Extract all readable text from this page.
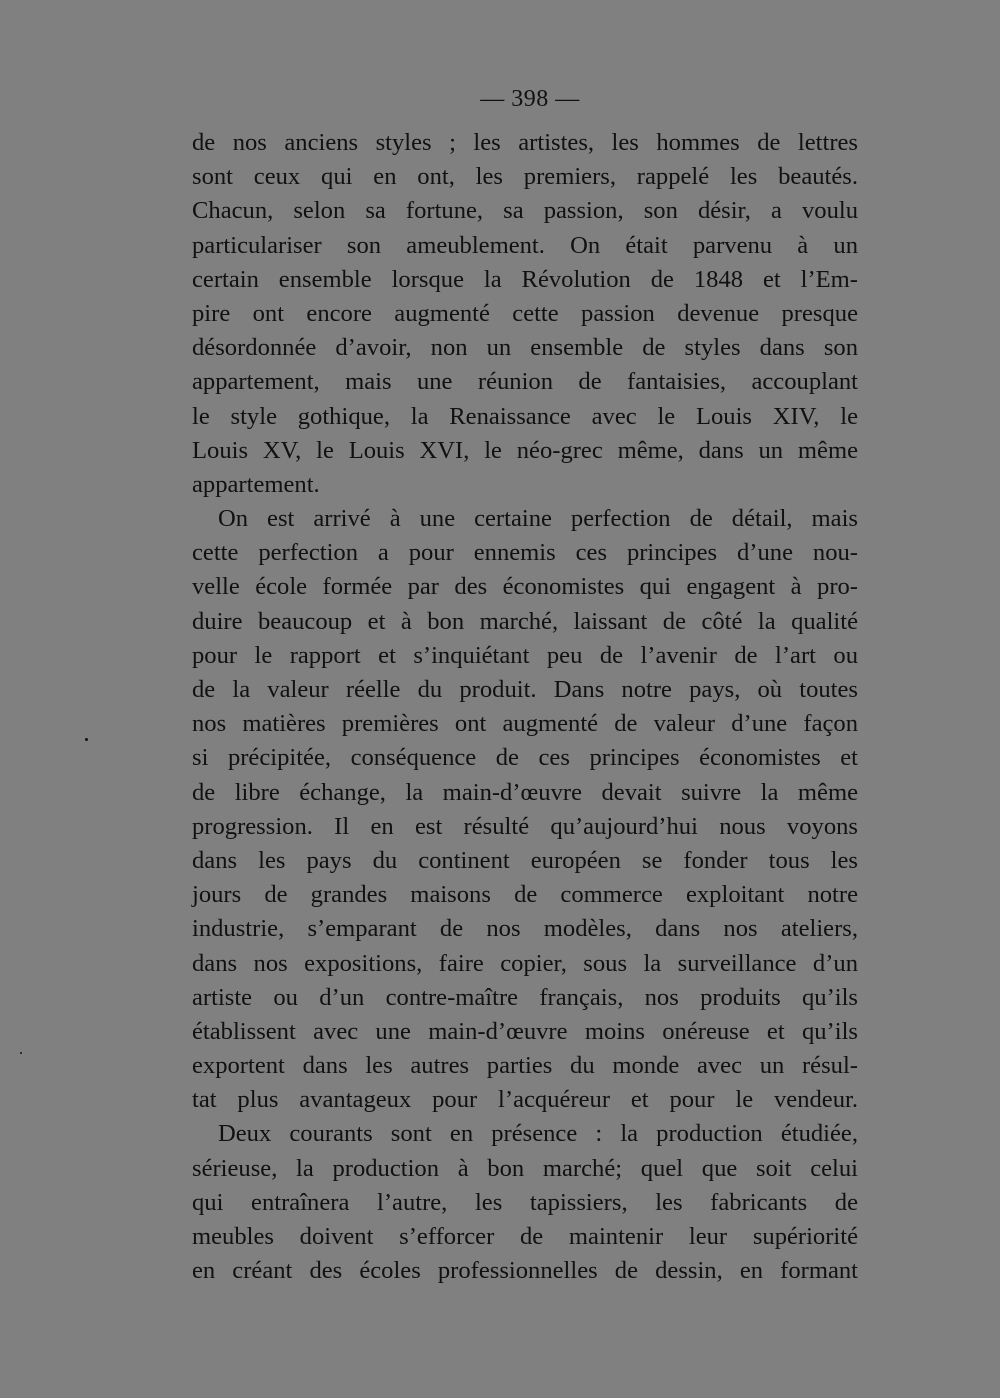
— 398 —
de nos anciens styles ; les artistes, les hommes de lettres
sont ceux qui en ont, les premiers, rappelé les beautés.
Chacun, selon sa fortune, sa passion, son désir, a voulu
particulariser son ameublement. On était parvenu à un
certain ensemble lorsque la Révolution de 1848 et l’Em-
pire ont encore augmenté cette passion devenue presque
désordonnée d’avoir, non un ensemble de styles dans son
appartement, mais une réunion de fantaisies, accouplant
le style gothique, la Renaissance avec le Louis XIV, le
Louis XV, le Louis XVI, le néo-grec même, dans un même
appartement.
On est arrivé à une certaine perfection de détail, mais
cette perfection a pour ennemis ces principes d’une nou-
velle école formée par des économistes qui engagent à pro-
duire beaucoup et à bon marché, laissant de côté la qualité
pour le rapport et s’inquiétant peu de l’avenir de l’art ou
de la valeur réelle du produit. Dans notre pays, où toutes
nos matières premières ont augmenté de valeur d’une façon
si précipitée, conséquence de ces principes économistes et
de libre échange, la main-d’œuvre devait suivre la même
progression. Il en est résulté qu’aujourd’hui nous voyons
dans les pays du continent européen se fonder tous les
jours de grandes maisons de commerce exploitant notre
industrie, s’emparant de nos modèles, dans nos ateliers,
dans nos expositions, faire copier, sous la surveillance d’un
artiste ou d’un contre-maître français, nos produits qu’ils
établissent avec une main-d’œuvre moins onéreuse et qu’ils
exportent dans les autres parties du monde avec un résul-
tat plus avantageux pour l’acquéreur et pour le vendeur.
Deux courants sont en présence : la production étudiée,
sérieuse, la production à bon marché; quel que soit celui
qui entraînera l’autre, les tapissiers, les fabricants de
meubles doivent s’efforcer de maintenir leur supériorité
en créant des écoles professionnelles de dessin, en formant
